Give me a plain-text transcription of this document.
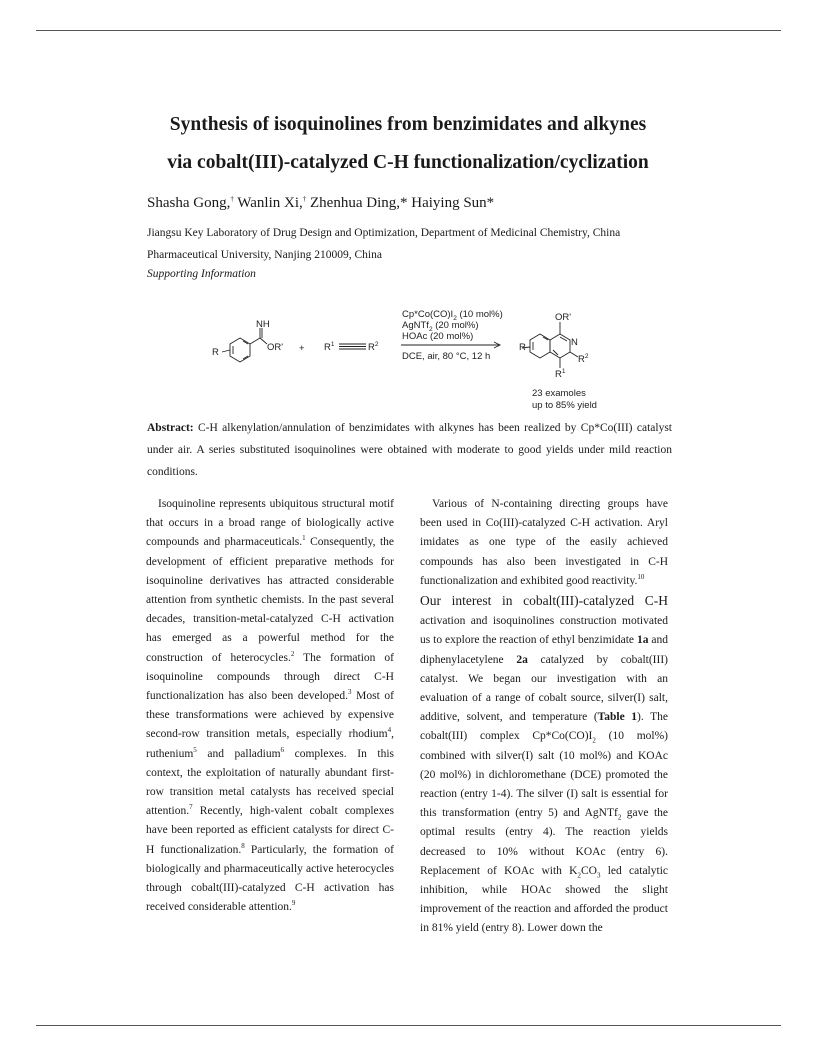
Synthesis of isoquinolines from benzimidates and alkynes
via cobalt(III)-catalyzed C-H functionalization/cyclization
Shasha Gong,† Wanlin Xi,† Zhenhua Ding,* Haiying Sun*
Jiangsu Key Laboratory of Drug Design and Optimization, Department of Medicinal Chemistry, China Pharmaceutical University, Nanjing 210009, China
Supporting Information
NH
OR'
R	+ $R^1$	$R^2$
$Cp*Co(CO)I_2$ (10 mol%)
AgNTf$_2$ (20 mol%)
HOAc (20 mol%)
DCE, air, 80 °C, 12 h
OR'
N
R
$R^2$
$R^1$
23 examoles
up to 85% yield

Abstract: C-H alkenylation/annulation of benzimidates with alkynes has been realized by Cp*Co(III) catalyst under air. A series substituted isoquinolines were obtained with moderate to good yields under mild reaction conditions.

Isoquinoline represents ubiquitous structural motif that occurs in a broad range of biologically active compounds and pharmaceuticals.$^1$ Consequently, the development of efficient preparative methods for isoquinoline derivatives has attracted considerable attention from synthetic chemists. In the past several decades, transition-metal-catalyzed C-H activation has emerged as a powerful method for the construction of heterocycles.$^2$ The formation of isoquinoline compounds through direct C-H functionalization has also been developed.$^3$ Most of these transformations were achieved by expensive second-row transition metals, especially rhodium$^4$, ruthenium$^5$ and palladium$^6$ complexes. In this context, the exploitation of naturally abundant first-row transition metal catalysts has received special attention.$^7$ Recently, high-valent cobalt complexes have been reported as efficient catalysts for direct C-H functionalization.$^8$ Particularly, the formation of biologically and pharmaceutically active heterocycles through cobalt(III)-catalyzed C-H activation has received considerable attention.$^9$

Various of N-containing directing groups have been used in Co(III)-catalyzed C-H activation. Aryl imidates as one type of the easily achieved compounds has also been investigated in C-H functionalization and exhibited good reactivity.$^{10}$

Our interest in cobalt(III)-catalyzed C-H activation and isoquinolines construction motivated us to explore the reaction of ethyl benzimidate 1a and diphenylacetylene 2a catalyzed by cobalt(III) catalyst. We began our investigation with an evaluation of a range of cobalt source, silver(I) salt, additive, solvent, and temperature (Table 1). The cobalt(III) complex $Cp*Co(CO)I_2$ (10 mol%) combined with silver(I) salt (10 mol%) and KOAc (20 mol%) in dichloromethane (DCE) promoted the reaction (entry 1-4). The silver (I) salt is essential for this transformation (entry 5) and AgNTf$_2$ gave the optimal results (entry 4). The reaction yields decreased to 10% without KOAc (entry 6). Replacement of KOAc with $K_2CO_3$ led catalytic inhibition, while HOAc showed the slight improvement of the reaction and afforded the product in 81% yield (entry 8). Lower down the
